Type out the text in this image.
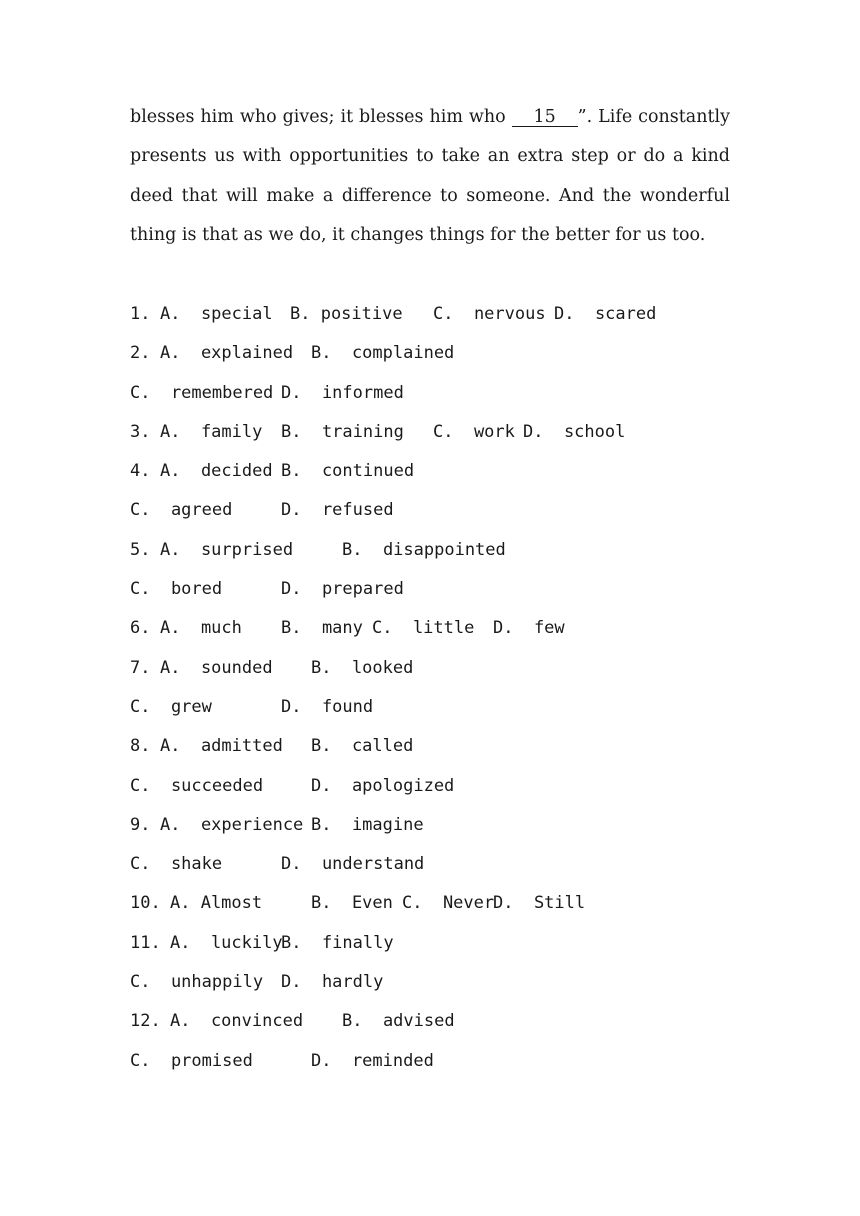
blesses him who gives; it blesses him who 15 ”. Life constantly presents us with opportunities to take an extra step or do a kind deed that will make a difference to someone. And the wonderful thing is that as we do, it changes things for the better for us too.

1. A.  special B. positive C.  nervous D.  scared
2. A.  explained B.  complained
C.  remembered D.  informed
3. A.  family B.  training C.  work D.  school
4. A.  decided B.  continued
C.  agreed	D.  refused
5. A.  surprised	B.  disappointed
C.  bored	D.  prepared
6. A.  much B.  many C.  little D.  few
7. A.  sounded B.  looked
C.  grew	D.  found
8. A.  admitted B.  called
C.  succeeded	D.  apologized
9. A.  experience B.  imagine
C.  shake	D.  understand
10. A. Almost	B.  Even C.  Never
D.  Still
11. A.  luckily
B.  finally
C.  unhappily D.  hardly
12. A.  convinced B.  advised
C.  promised	D.  reminded
